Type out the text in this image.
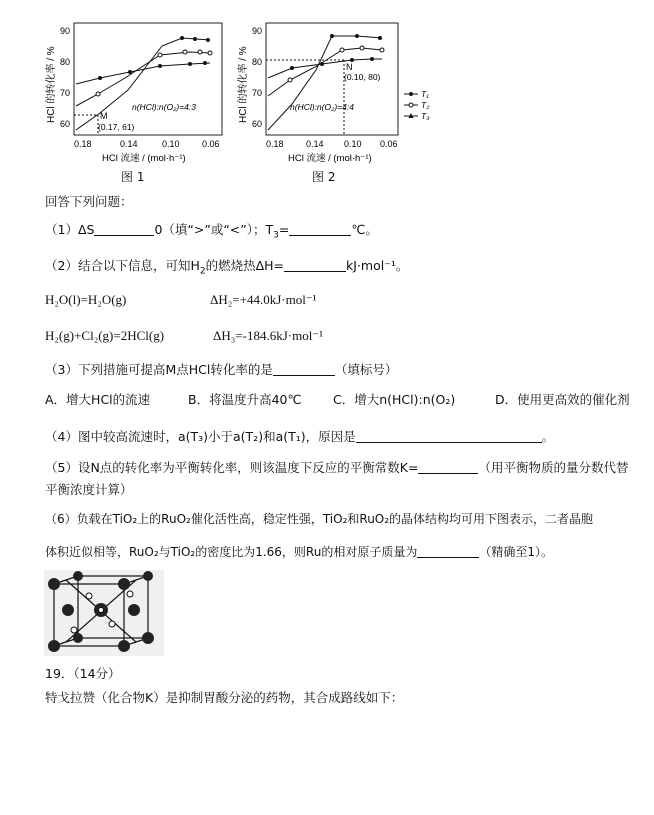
HCl 的转化率 / %
90
80
70
60
0.18	0.14	0.10 0.06
HCl 流速 / (mol·h⁻¹)
M
(0.17, 61)
n(HCl):n(O₂)=4:3
图 1
HCl 的转化率 / %
90
80
70
60
0.18 0.14 0.10 0.06
HCl 流速 / (mol·h⁻¹)
N
(0.10, 80)
n(HCl):n(O₂)=4:4
T₁
T₂
T₃
图 2
回答下列问题：
（1）ΔS	0（填“>”或“<”）；$T_3=$	℃。
（2）结合以下信息，可知$H_2$的燃烧热ΔH=	kJ·mol⁻¹。
H₂O(l)=H₂O(g)	ΔH₂=+44.0kJ·mol⁻¹
H₂(g)+Cl₂(g)=2HCl(g)	ΔH₃=-184.6kJ·mol⁻¹
（3）下列措施可提高M点HCl转化率的是	（填标号）
A．增大HCl的流速	B．将温度升高40℃	C．增大n(HCl):n(O₂)	D．使用更高效的催化剂
（4）图中较高流速时，a(T₃)小于a(T₂)和a(T₁)，原因是	。
（5）设N点的转化率为平衡转化率，则该温度下反应的平衡常数K=	（用平衡物质的量分数代替
平衡浓度计算）
（6）负载在TiO₂上的RuO₂催化活性高，稳定性强，TiO₂和RuO₂的晶体结构均可用下图表示，二者晶胞
体积近似相等，RuO₂与TiO₂的密度比为1.66，则Ru的相对原子质量为	（精确至1）。
19．（14分）
特戈拉赞（化合物K）是抑制胃酸分泌的药物，其合成路线如下：
